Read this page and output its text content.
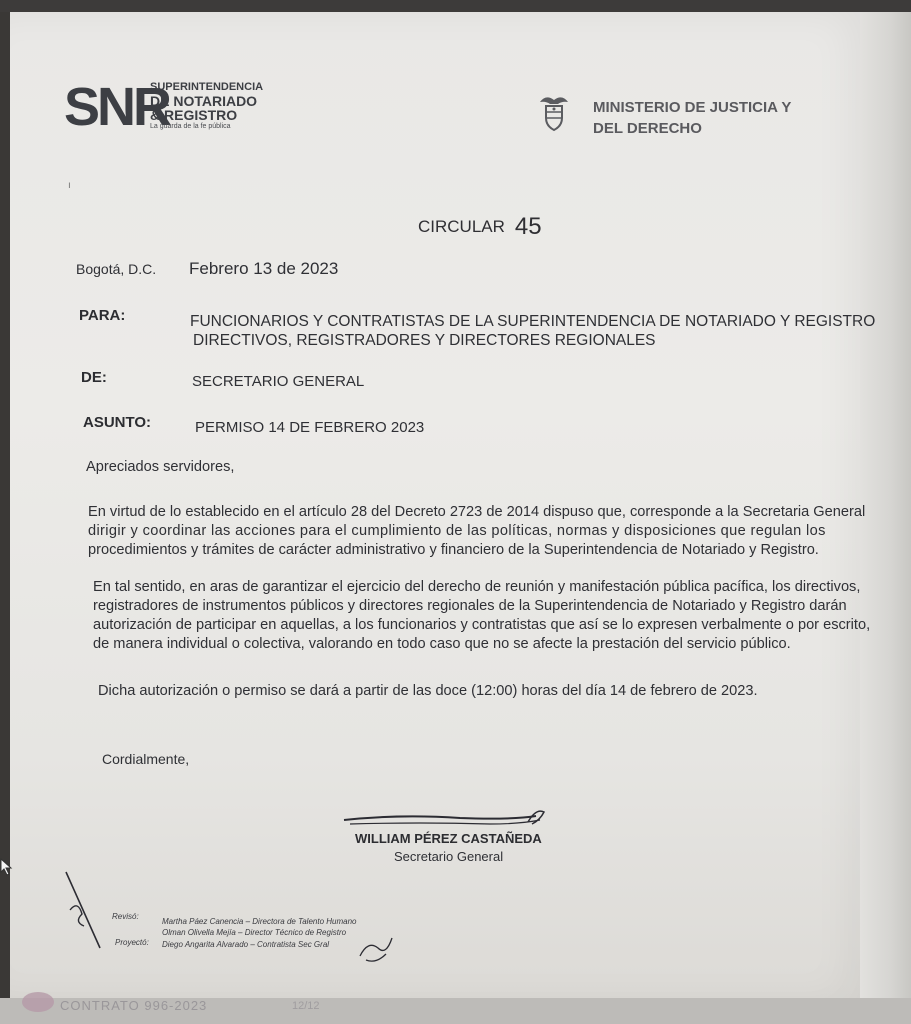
SNR
SUPERINTENDENCIA
DE NOTARIADO
& REGISTRO
La guarda de la fe pública
MINISTERIO DE JUSTICIA Y
DEL DERECHO
ı
CIRCULAR 45
Bogotá, D.C. Febrero 13 de 2023
PARA:	FUNCIONARIOS Y CONTRATISTAS DE LA SUPERINTENDENCIA DE NOTARIADO Y REGISTRO
DIRECTIVOS, REGISTRADORES Y DIRECTORES REGIONALES
DE:	SECRETARIO GENERAL
ASUNTO:	PERMISO 14 DE FEBRERO 2023
Apreciados servidores,
En virtud de lo establecido en el artículo 28 del Decreto 2723 de 2014 dispuso que, corresponde a la Secretaria General
dirigir y coordinar las acciones para el cumplimiento de las políticas, normas y disposiciones que regulan los
procedimientos y trámites de carácter administrativo y financiero de la Superintendencia de Notariado y Registro.
En tal sentido, en aras de garantizar el ejercicio del derecho de reunión y manifestación pública pacífica, los directivos,
registradores de instrumentos públicos y directores regionales de la Superintendencia de Notariado y Registro darán
autorización de participar en aquellas, a los funcionarios y contratistas que así se lo expresen verbalmente o por escrito,
de manera individual o colectiva, valorando en todo caso que no se afecte la prestación del servicio público.
Dicha autorización o permiso se dará a partir de las doce (12:00) horas del día 14 de febrero de 2023.
Cordialmente,
WILLIAM PÉREZ CASTAÑEDA
Secretario General
Revisó:
Martha Páez Canencia – Directora de Talento Humano
Olman Olivella Mejía – Director Técnico de Registro
Proyectó: Diego Angarita Alvarado – Contratista Sec Gral
CONTRATO 996-2023	12/12
